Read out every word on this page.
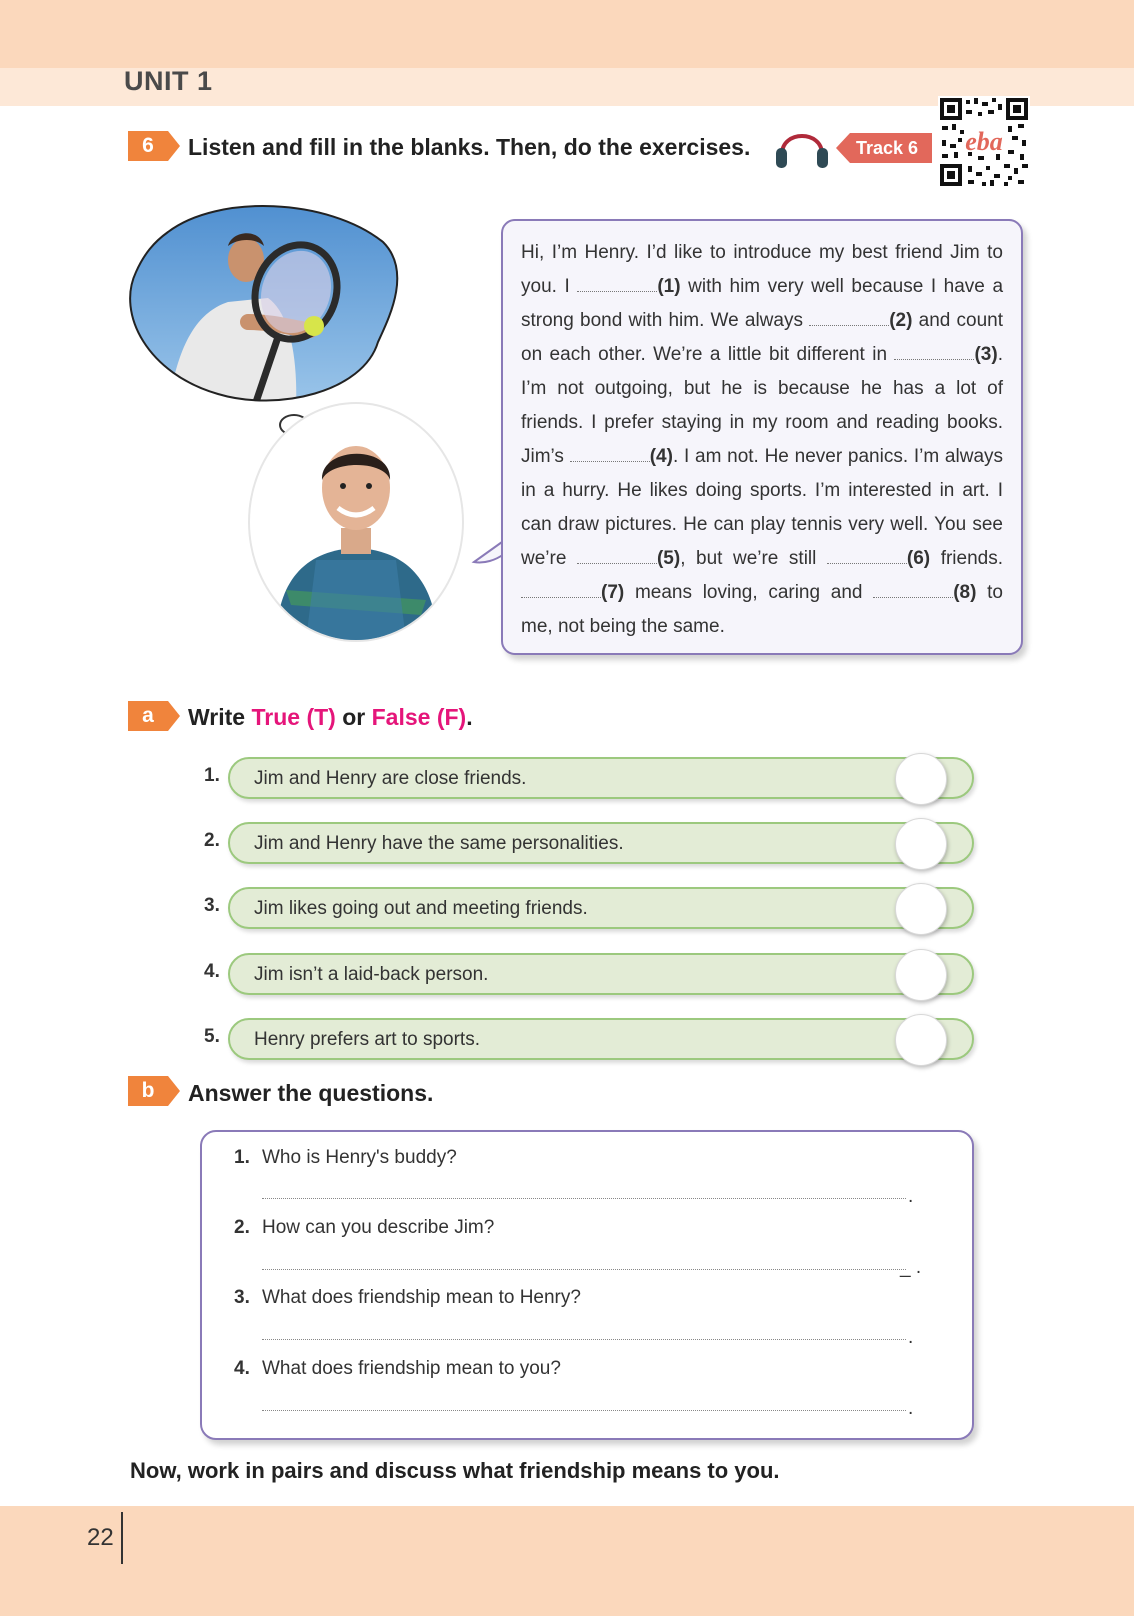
UNIT 1
6	Listen and fill in the blanks. Then, do the exercises.	Track 6 eba
Hi, I’m Henry. I’d like to introduce my best friend Jim to you. I	(1) with him very well because I have a strong bond with him. We always	(2) and count on each other. We’re a little bit different in	(3). I’m not outgoing, but he is because he has a lot of friends. I prefer staying in my room and reading books. Jim’s	(4). I am not. He never panics. I’m always in a hurry. He likes doing sports. I’m interested in art. I can draw pictures. He can play tennis very well. You see we’re	(5), but we’re still	(6) friends. (7) means loving, caring and	(8) to me, not being the same.
a	Write True (T) or False (F).
1. Jim and Henry are close friends.
2. Jim and Henry have the same personalities.
3. Jim likes going out and meeting friends.
4. Jim isn’t a laid-back person.
5. Henry prefers art to sports.
b	Answer the questions.
1. Who is Henry's buddy?
.
2. How can you describe Jim?
_ .
3. What does friendship mean to Henry?
.
4. What does friendship mean to you?
.
Now, work in pairs and discuss what friendship means to you.
22
